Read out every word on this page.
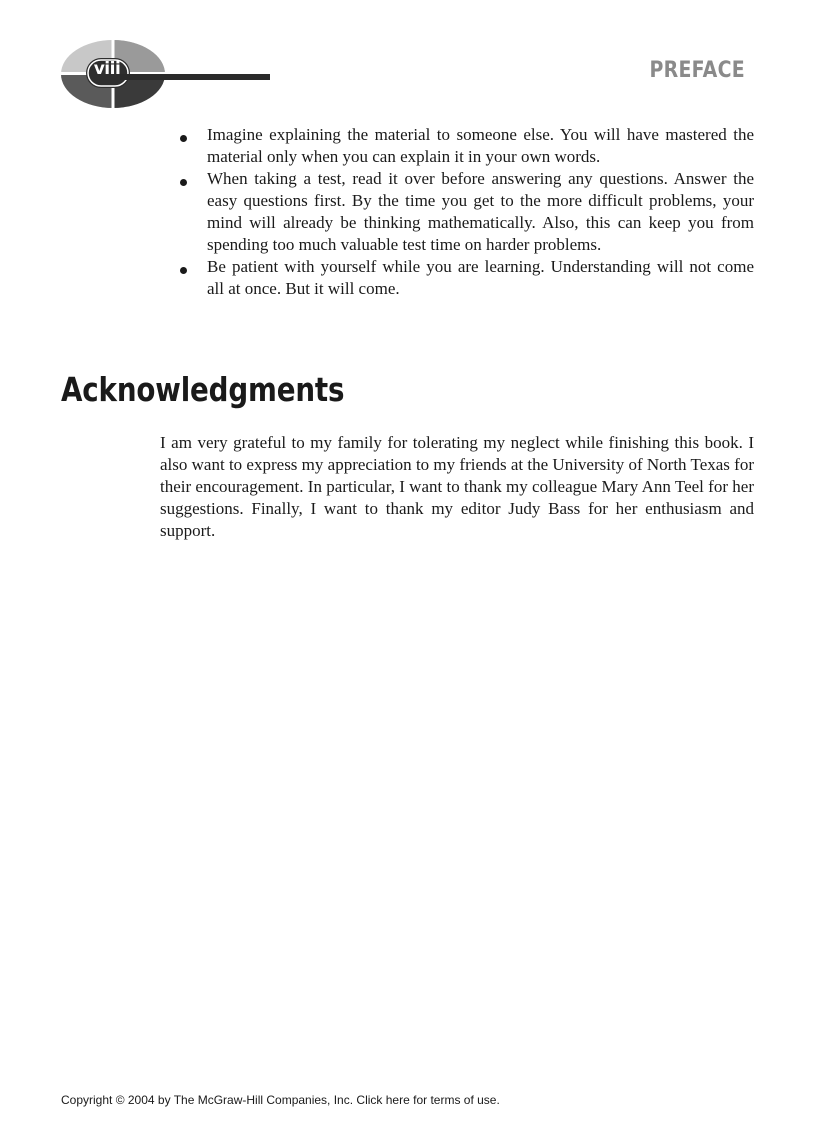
viii	PREFACE
Imagine explaining the material to someone else. You will have mastered the material only when you can explain it in your own words.
When taking a test, read it over before answering any questions. Answer the easy questions first. By the time you get to the more difficult problems, your mind will already be thinking mathematically. Also, this can keep you from spending too much valuable test time on harder problems.
Be patient with yourself while you are learning. Understanding will not come all at once. But it will come.
Acknowledgments

I am very grateful to my family for tolerating my neglect while finishing this book. I also want to express my appreciation to my friends at the University of North Texas for their encouragement. In particular, I want to thank my colleague Mary Ann Teel for her suggestions. Finally, I want to thank my editor Judy Bass for her enthusiasm and support.

Copyright © 2004 by The McGraw-Hill Companies, Inc. Click here for terms of use.
